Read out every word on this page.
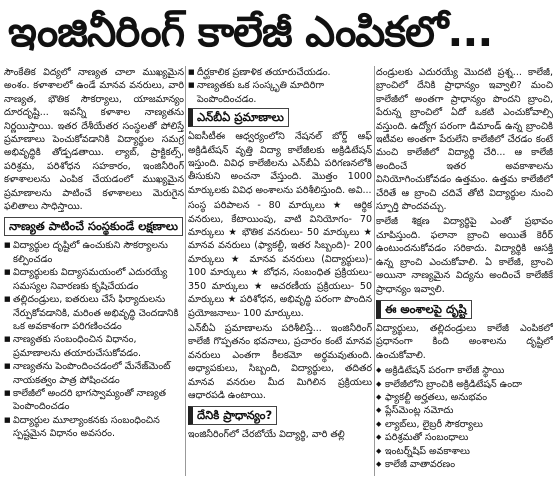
ఇంజినీరింగ్ కాలేజీ ఎంపికలో...

సౌంకేతిక విద్యలో నాణ్యత చాలా ముఖ్యమైన అంశం. కళాశాలలో ఉండే మానవ వనరులు, వారి నాణ్యత, భౌతిక సౌకర్యాలు, యాజమాన్యం దూరదృష్టి... ఇవన్నీ కళాశాల నాణ్యతను నిర్ణయిస్తాయి. ఇతర దేశీయేతర సంస్థలతో పోలిస్తే ప్రమాణాలు పెంచుకోవడానికి విద్యార్థుల సమగ్ర అభివృద్ధికి తోడ్పడతాయి. ల్యాబ్, ప్రాక్టికల్స్, పరిశ్రమ, పరిశోధన సహకారం, ఇంజినీరింగ్ కళాశాలలను ఎంపిక చేయడంలో ముఖ్యమైన ప్రమాణాలను పాటించే కళాశాలలు మెరుగైన ఫలితాలు సాధిస్తాయి.

నాణ్యత పాటించే సంస్థకుండే లక్షణాలు
■ విద్యార్థుల దృష్టిలో ఉంచుకుని సౌకర్యాలను కల్పించడం
■ విద్యార్థులకు విద్యాసమయంలో ఎదురయ్యే సమస్యల నివారణకు కృషిచేయడం
■ తల్లిదండ్రులు, ఐతరులు చేసే ఫిర్యాదులను నేర్పుకోవడానికి, మరింత అభివృద్ధి చెందడానికి ఒక అవకాశంగా పరిగణించడం
■ నాణ్యతకు సంబంధించిన విధానం, ప్రమాణాలను తయారుచేసుకోవడం.
■ నాణ్యతను పెంపొందించడంలో మేనేజ్‌మెంట్ నాయకత్వం పాత్ర పోషించడం
■ కాలేజీలో అందరి భాగస్వామ్యంతో నాణ్యత పెంపొందించడం
■ విద్యార్థుల మూల్యాంకనకు సంబంధించిన స్పష్టమైన విధానం అవసరం.
■ దీర్ఘకాలిక ప్రణాళిక తయారుచేయడం.
■ నాణ్యతకు ఒక సంస్కృతి మాదిరిగా పెంపొందించడం.
ఎన్‌బీఏ ప్రమాణాలు

ఏఐసీటీఈ ఆధ్వర్యంలోని నేషనల్ బోర్డ్ ఆఫ్ అక్రిడిటేషన్ వృత్తి విద్యా కాలేజీలకు అక్రిడిటేషన్ ఇస్తుంది. వివిధ కాలేజీలను ఎన్‌బీఏ పరిగణనలోకి తీసుకుని అంచనా వేస్తుంది. మొత్తం 1000 మార్కులకు వివిధ అంశాలను పరిశీలిస్తుంది. అవి...

సంస్థ పరిపాలన - 80 మార్కులు ★ ఆర్థిక వనరులు, కేటాయింపు, వాటి వినియోగం- 70 మార్కులు ★ భౌతిక వనరులు- 50 మార్కులు ★ మానవ వనరులు (ఫ్యాకల్టీ, ఇతర సిబ్బంది)- 200 మార్కులు ★ మానవ వనరులు (విద్యార్థులు)- 100 మార్కులు ★ బోధన, సంబంధిత ప్రక్రియలు- 350 మార్కులు ★ ఆచరణీయ ప్రక్రియలు- 50 మార్కులు ★ పరిశోధన, అభివృద్ధి పరంగా పొందిన ప్రయోజనాలు- 100 మార్కులు.

ఎన్‌బీఏ ప్రమాణాలను పరిశీలిస్తే... ఇంజినీరింగ్ కాలేజీ గొప్పతనం భవనాలు, ప్రచారం కంటే మానవ వనరులు ఎంతగా కీలకమో అర్థమవుతుంది. అధ్యాపకులు, సిబ్బంది, విద్యార్థులు, తదితర మానవ వనరుల మీద మిగిలిన ప్రక్రియలు ఆధారపడి ఉంటాయి.

దేనికి ప్రాధాన్యం?

ఇంజినీరింగ్‌లో చేరబోయే విద్యార్థి, వారి తల్లి

దండ్రులకు ఎదురయ్యే మొదటి ప్రశ్న... కాలేజీ, బ్రాంచిలో దేనికి ప్రాధాన్యం ఇవ్వాలి? మంచి కాలేజీలో అంతగా ప్రాధాన్యం పొందని బ్రాంచి, పేరున్న బ్రాంచిలో ఏదో ఒకటి ఎంచుకోవాల్సి వస్తుంది. ఉద్యోగ పరంగా డిమాండ్ ఉన్న బ్రాంచికి ఇటీవల అంతగా పేరులేని కాలేజీలో చేరడం కంటే మంచి కాలేజీలో విద్యార్థి చేరి... ఆ కాలేజీ అందించే ఇతర అవకాశాలను వినియోగించుకోవడం ఉత్తమం. ఉత్తమ కాలేజీలో చేరితే ఆ బ్రాంచి చదివే తోటి విద్యార్థుల నుంచి స్ఫూర్తి పొందవచ్చు.

కాలేజీ శిక్షణ విద్యార్థిపై ఎంతో ప్రభావం చూపిస్తుంది. ఫలానా బ్రాంచి అయితే కెరీర్ ఉంటుందనుకోవడం సరికాదు. విద్యార్థికి ఆసక్తి ఉన్న బ్రాంచి ఎంచుకోవాలి. ఏ కాలేజీ, బ్రాంచి అయినా నాణ్యమైన విద్యను అందించే కాలేజీకే ప్రాధాన్యం ఇవ్వాలి.

ఈ అంశాలపై దృష్టి

విద్యార్థులు, తల్లిదండ్రులు కాలేజీ ఎంపికలో ప్రధానంగా కింది అంశాలను దృష్టిలో ఉంచుకోవాలి.

◆ అక్రిడిటేషన్ పరంగా కాలేజీ స్థాయి
◆ కాలేజీలోని బ్రాంచికి అక్రిడిటేషన్ ఉందా
◆ ఫ్యాకల్టీ అర్హతలు, అనుభవం
◆ ప్లేస్‌మెంట్ల నమోదు
◆ ల్యాబ్‌లు, లైబ్రరీ సౌకర్యాలు
◆ పరిశ్రమతో సంబంధాలు
◆ ఇంటర్న్‌షిప్ అవకాశాలు
◆ కాలేజీ వాతావరణం
